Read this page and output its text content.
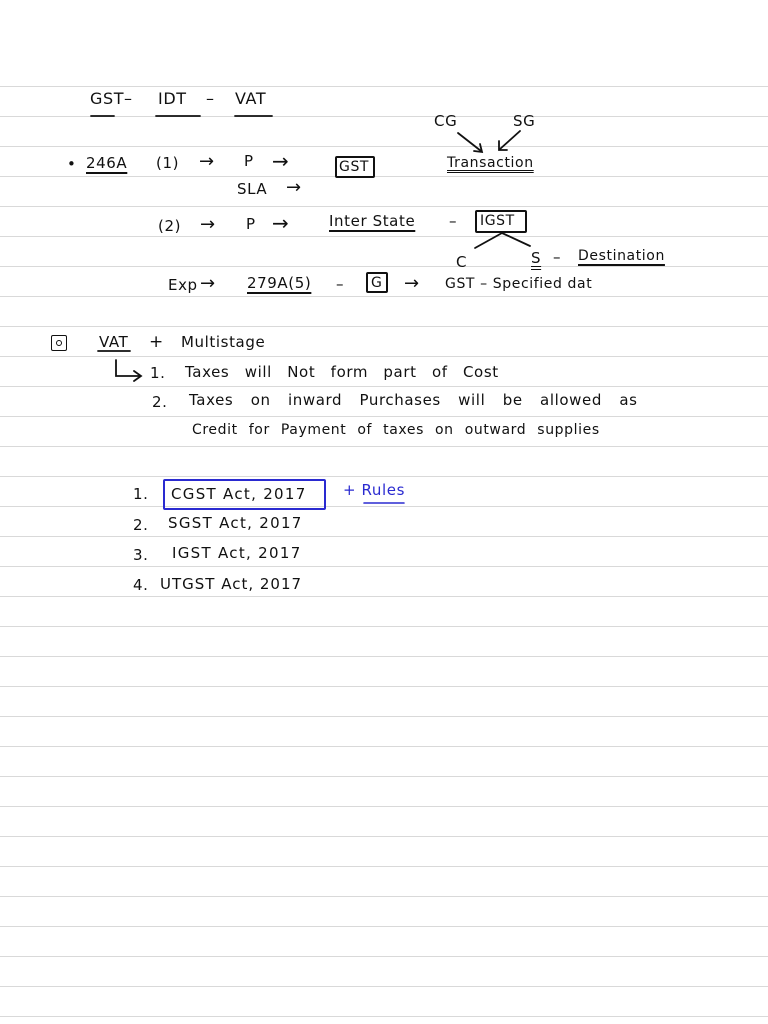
GST – IDT – VAT
CG	SG
Transaction
• 246A (1) → P →	GST
SLA →
(2) → P →	Inter State – IGST
C	S – Destination
Exp → 279A(5) – G → GST – Specified dat
VAT + Multistage
1. Taxes will Not form part of Cost
2. Taxes on inward Purchases will be allowed as
Credit for Payment of taxes on outward supplies
1. CGST Act, 2017 + Rules
2. SGST Act, 2017
3. IGST Act, 2017
4. UTGST Act, 2017
